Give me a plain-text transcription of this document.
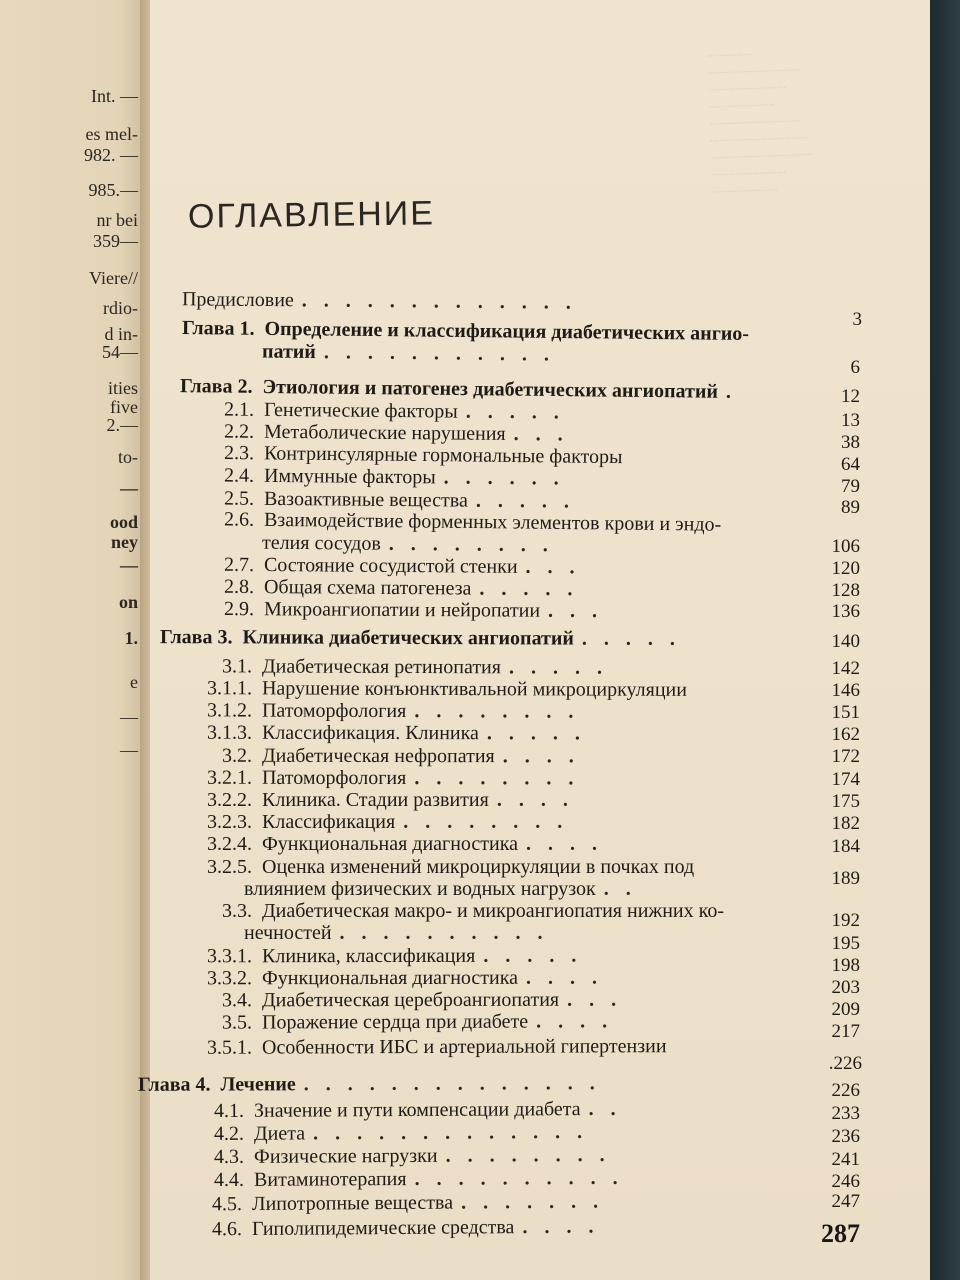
Int. —
es mel-
982. —
985.—
nr bei
359—
Viere//
rdio-
d in-
54—
ities
five
2.—
to-
—
ood
ney
—
on
1.
e
—
—
...............
...............................
..........................
......................
..............................
.................................
..................................
.........................
......................
ОГЛАВЛЕНИЕ
Предисловие . . . . . . . . . . . . .
Глава 1. Определение и классификация диабетических ангио-
патий . . . . . . . . . . .
Глава 2. Этиология и патогенез диабетических ангиопатий .
2.1. Генетические факторы . . . . .
2.2. Метаболические нарушения . . .
2.3. Контринсулярные гормональные факторы
2.4. Иммунные факторы . . . . . .
2.5. Вазоактивные вещества . . . . .
2.6. Взаимодействие форменных элементов крови и эндо-
телия сосудов . . . . . . . .
2.7. Состояние сосудистой стенки . . .
2.8. Общая схема патогенеза . . . . .
2.9. Микроангиопатии и нейропатии . . .
Глава 3. Клиника диабетических ангиопатий . . . . .
3.1. Диабетическая ретинопатия . . . . .
3.1.1. Нарушение конъюнктивальной микроциркуляции
3.1.2. Патоморфология . . . . . . . .
3.1.3. Классификация. Клиника . . . . .
3.2. Диабетическая нефропатия . . . .
3.2.1. Патоморфология . . . . . . . .
3.2.2. Клиника. Стадии развития . . . .
3.2.3. Классификация . . . . . . . .
3.2.4. Функциональная диагностика . . . .
3.2.5. Оценка изменений микроциркуляции в почках под
влиянием физических и водных нагрузок . .
3.3. Диабетическая макро- и микроангиопатия нижних ко-
нечностей . . . . . . . . . .
3.3.1. Клиника, классификация . . . . .
3.3.2. Функциональная диагностика . . . .
3.4. Диабетическая цереброангиопатия . . .
3.5. Поражение сердца при диабете . . . .
3.5.1. Особенности ИБС и артериальной гипертензии
Глава 4. Лечение . . . . . . . . . . . . . .
4.1. Значение и пути компенсации диабета . .
4.2. Диета . . . . . . . . . . . . .
4.3. Физические нагрузки . . . . . . . .
4.4. Витаминотерапия . . . . . . . . . .
4.5. Липотропные вещества . . . . . . .
4.6. Гиполипидемические средства . . . .
3
6
12
13
38
64
79
89
106
120
128
136
140
142
146
151
162
172
174
175
182
184
189
192
195
198
203
209
217
.226
226
233
236
241
246
247
287
